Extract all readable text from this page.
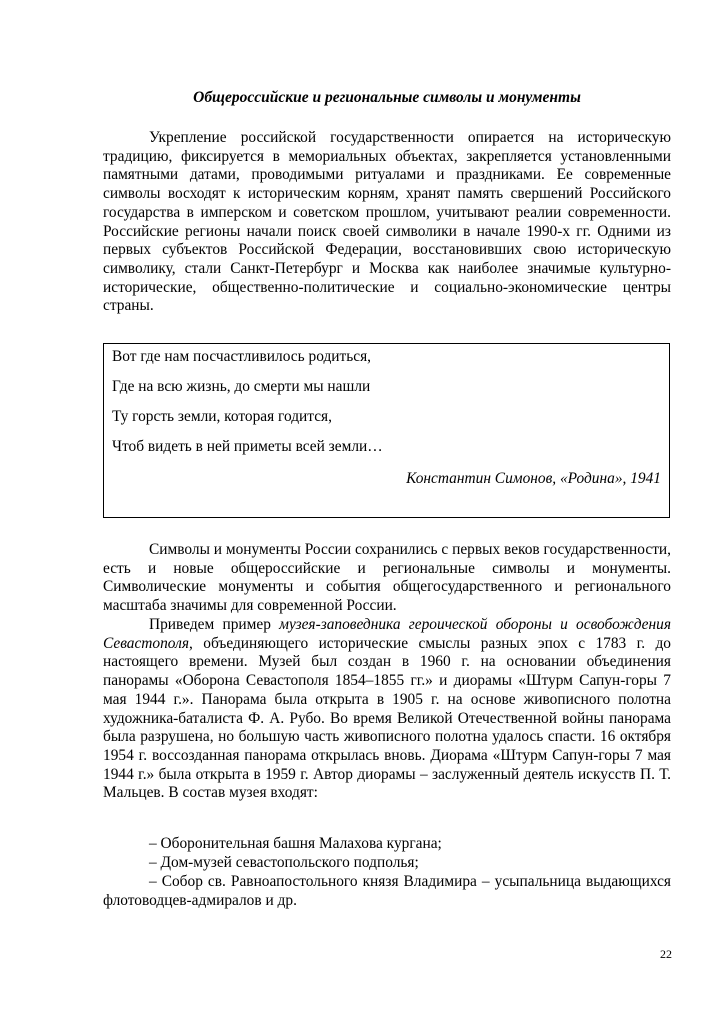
Общероссийские и региональные символы и монументы

Укрепление российской государственности опирается на историческую традицию, фиксируется в мемориальных объектах, закрепляется установленными памятными датами, проводимыми ритуалами и праздниками. Ее современные символы восходят к историческим корням, хранят память свершений Российского государства в имперском и советском прошлом, учитывают реалии современности. Российские регионы начали поиск своей символики в начале 1990-х гг. Одними из первых субъектов Российской Федерации, восстановивших свою историческую символику, стали Санкт-Петербург и Москва как наиболее значимые культурно-исторические, общественно-политические и социально-экономические центры страны.

Вот где нам посчастливилось родиться,
Где на всю жизнь, до смерти мы нашли
Ту горсть земли, которая годится,
Чтоб видеть в ней приметы всей земли…
Константин Симонов, «Родина», 1941

Символы и монументы России сохранились с первых веков государственности, есть и новые общероссийские и региональные символы и монументы. Символические монументы и события общегосударственного и регионального масштаба значимы для современной России.

Приведем пример музея-заповедника героической обороны и освобождения Севастополя, объединяющего исторические смыслы разных эпох с 1783 г. до настоящего времени. Музей был создан в 1960 г. на основании объединения панорамы «Оборона Севастополя 1854–1855 гг.» и диорамы «Штурм Сапун-горы 7 мая 1944 г.». Панорама была открыта в 1905 г. на основе живописного полотна художника-баталиста Ф. А. Рубо. Во время Великой Отечественной войны панорама была разрушена, но большую часть живописного полотна удалось спасти. 16 октября 1954 г. воссозданная панорама открылась вновь. Диорама «Штурм Сапун-горы 7 мая 1944 г.» была открыта в 1959 г. Автор диорамы – заслуженный деятель искусств П. Т. Мальцев. В состав музея входят:

– Оборонительная башня Малахова кургана;

– Дом-музей севастопольского подполья;

– Собор св. Равноапостольного князя Владимира – усыпальница выдающихся флотоводцев-адмиралов и др.

22
